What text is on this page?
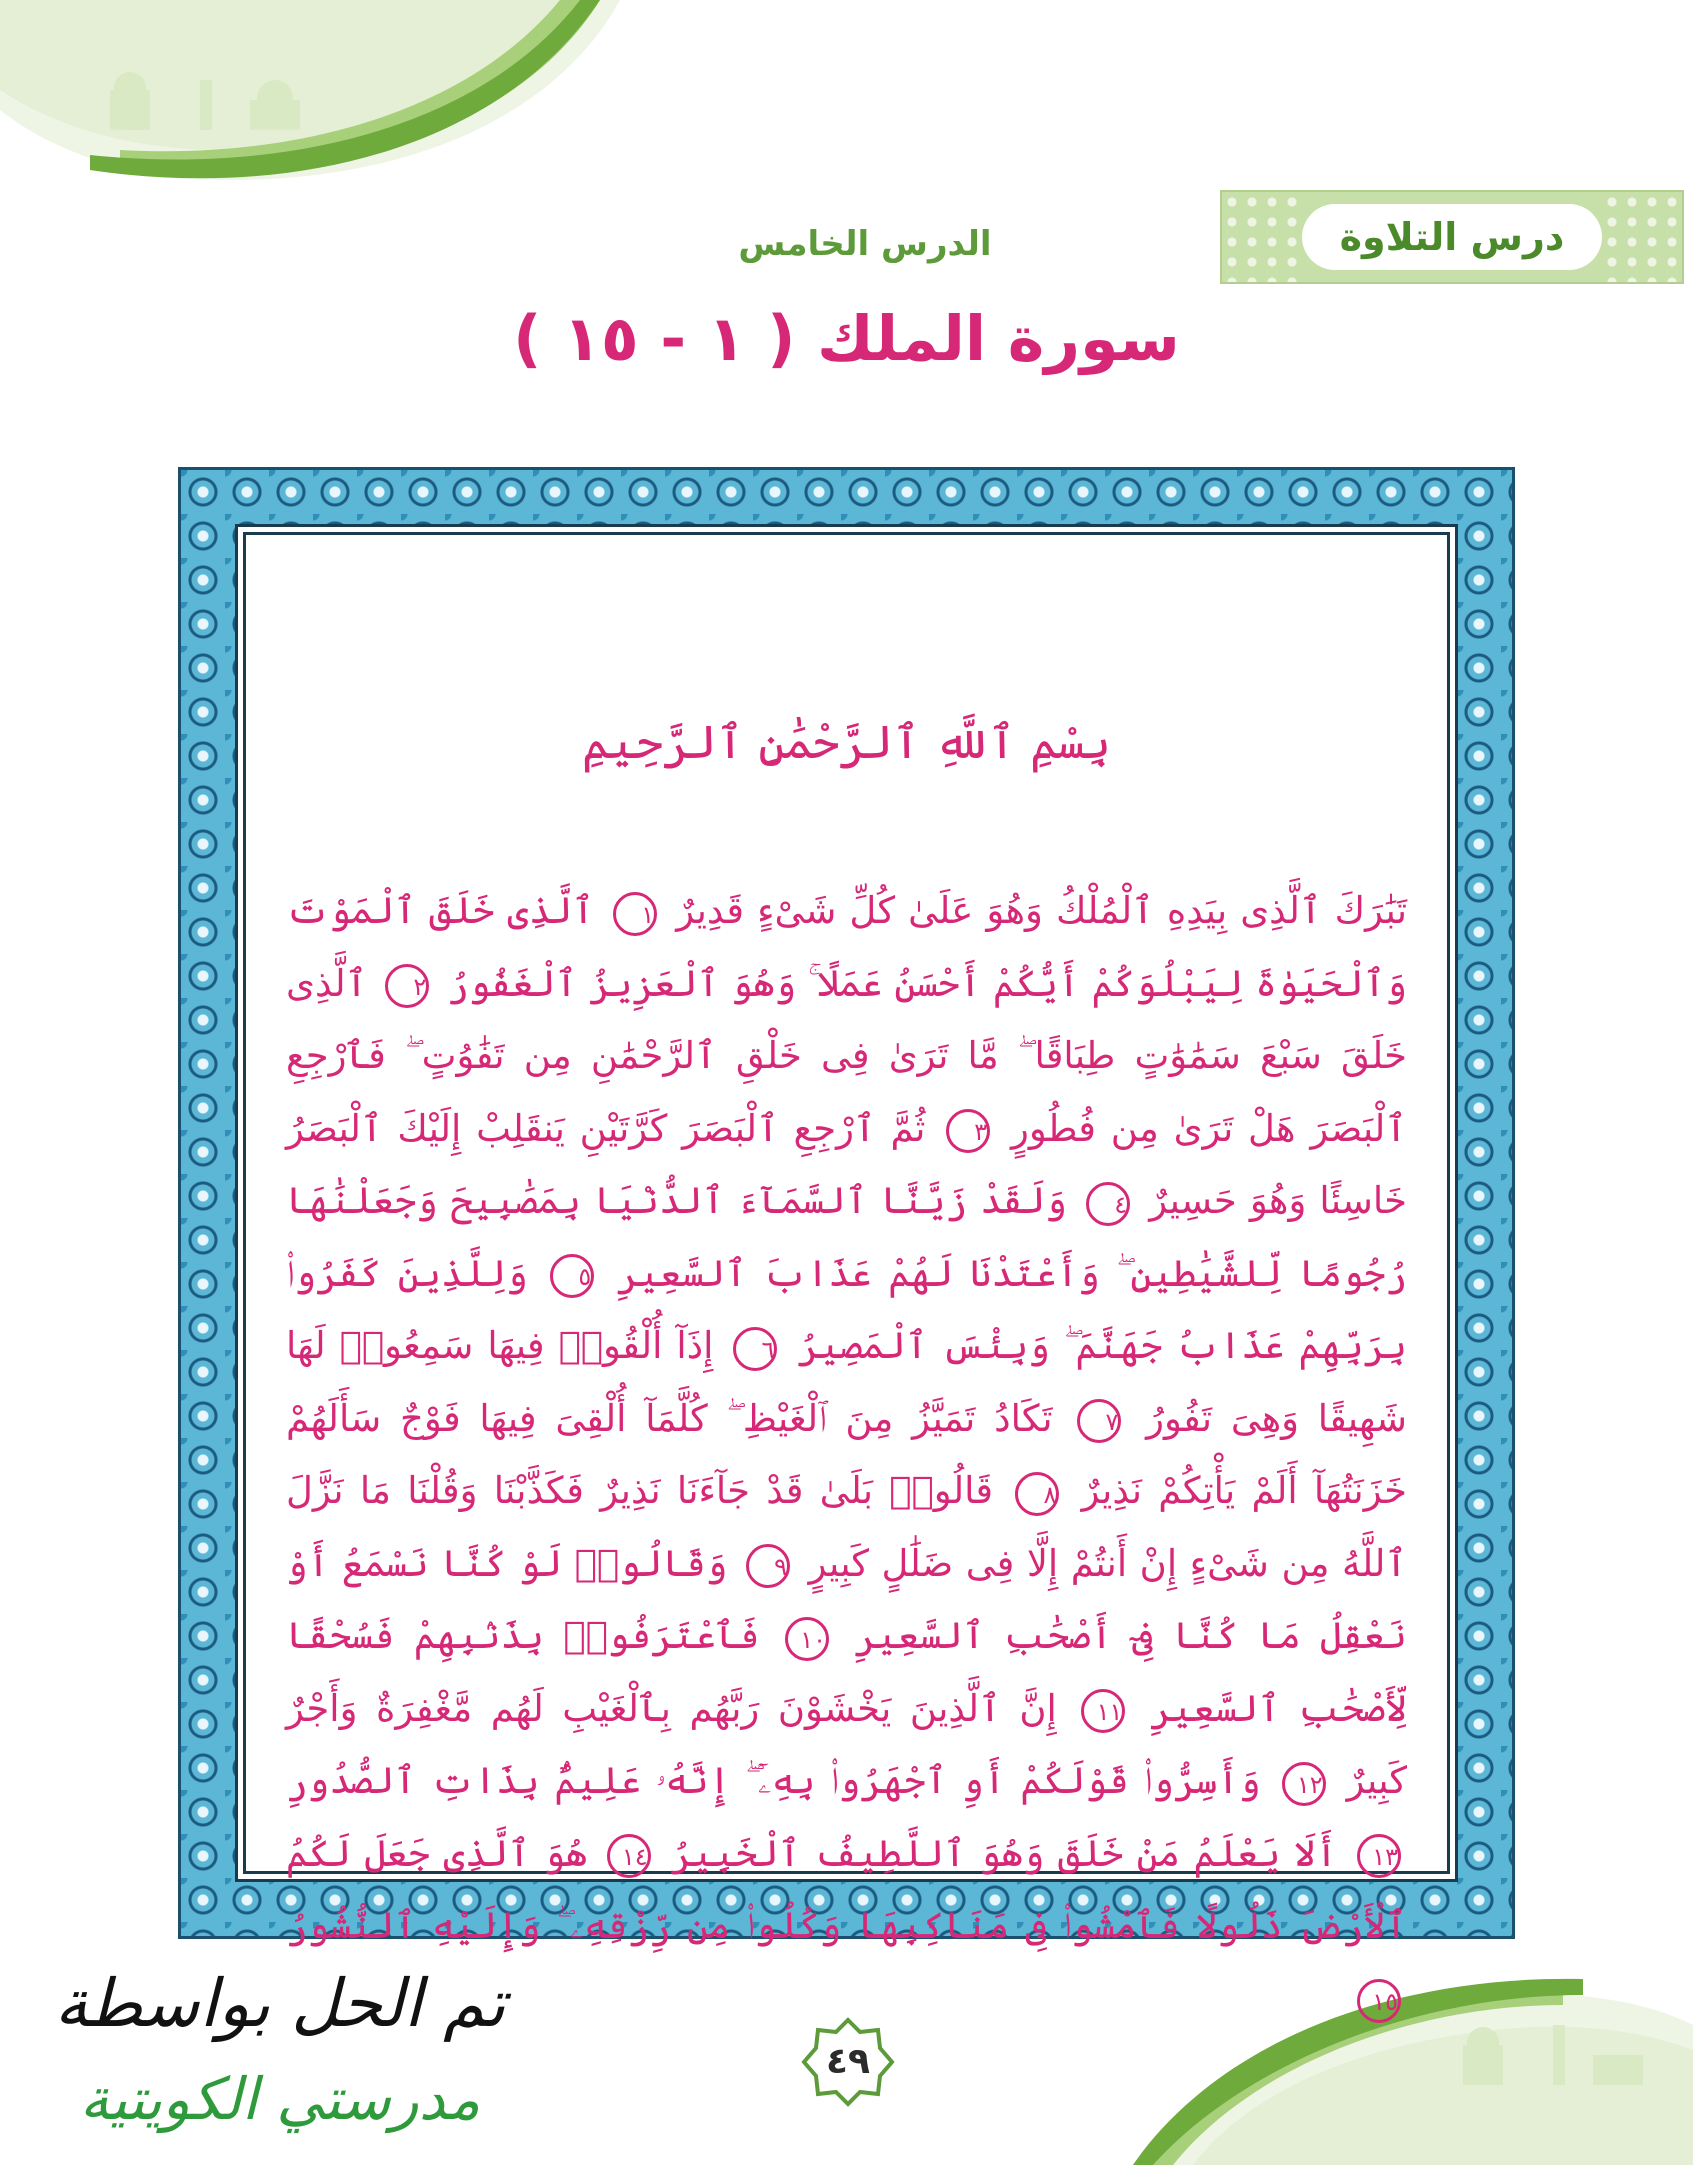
درس التلاوة
الدرس الخامس
سورة الملك ( ١ - ١٥ )
بِسْمِ ٱللَّهِ ٱلرَّحْمَٰنِ ٱلرَّحِيمِ
تَبَٰرَكَ ٱلَّذِى بِيَدِهِ ٱلْمُلْكُ وَهُوَ عَلَىٰ كُلِّ شَىْءٍ قَدِيرٌ ١ ٱلَّذِى خَلَقَ ٱلْمَوْتَ وَٱلْحَيَوٰةَ لِيَبْلُوَكُمْ أَيُّكُمْ أَحْسَنُ عَمَلًا ۚ وَهُوَ ٱلْعَزِيزُ ٱلْغَفُورُ ٢ ٱلَّذِى خَلَقَ سَبْعَ سَمَٰوَٰتٍ طِبَاقًا ۖ مَّا تَرَىٰ فِى خَلْقِ ٱلرَّحْمَٰنِ مِن تَفَٰوُتٍ ۖ فَٱرْجِعِ ٱلْبَصَرَ هَلْ تَرَىٰ مِن فُطُورٍ ٣ ثُمَّ ٱرْجِعِ ٱلْبَصَرَ كَرَّتَيْنِ يَنقَلِبْ إِلَيْكَ ٱلْبَصَرُ خَاسِئًا وَهُوَ حَسِيرٌ ٤ وَلَقَدْ زَيَّنَّا ٱلسَّمَآءَ ٱلدُّنْيَا بِمَصَٰبِيحَ وَجَعَلْنَٰهَا رُجُومًا لِّلشَّيَٰطِينِ ۖ وَأَعْتَدْنَا لَهُمْ عَذَابَ ٱلسَّعِيرِ ٥ وَلِلَّذِينَ كَفَرُوا۟ بِرَبِّهِمْ عَذَابُ جَهَنَّمَ ۖ وَبِئْسَ ٱلْمَصِيرُ ٦ إِذَآ أُلْقُوا۟ فِيهَا سَمِعُوا۟ لَهَا شَهِيقًا وَهِىَ تَفُورُ ٧ تَكَادُ تَمَيَّزُ مِنَ ٱلْغَيْظِ ۖ كُلَّمَآ أُلْقِىَ فِيهَا فَوْجٌ سَأَلَهُمْ خَزَنَتُهَآ أَلَمْ يَأْتِكُمْ نَذِيرٌ ٨ قَالُوا۟ بَلَىٰ قَدْ جَآءَنَا نَذِيرٌ فَكَذَّبْنَا وَقُلْنَا مَا نَزَّلَ ٱللَّهُ مِن شَىْءٍ إِنْ أَنتُمْ إِلَّا فِى ضَلَٰلٍ كَبِيرٍ ٩ وَقَالُوا۟ لَوْ كُنَّا نَسْمَعُ أَوْ نَعْقِلُ مَا كُنَّا فِىٓ أَصْحَٰبِ ٱلسَّعِيرِ ١٠ فَٱعْتَرَفُوا۟ بِذَنۢبِهِمْ فَسُحْقًا لِّأَصْحَٰبِ ٱلسَّعِيرِ ١١ إِنَّ ٱلَّذِينَ يَخْشَوْنَ رَبَّهُم بِٱلْغَيْبِ لَهُم مَّغْفِرَةٌ وَأَجْرٌ كَبِيرٌ ١٢ وَأَسِرُّوا۟ قَوْلَكُمْ أَوِ ٱجْهَرُوا۟ بِهِۦٓ ۖ إِنَّهُۥ عَلِيمٌۢ بِذَاتِ ٱلصُّدُورِ ١٣ أَلَا يَعْلَمُ مَنْ خَلَقَ وَهُوَ ٱللَّطِيفُ ٱلْخَبِيرُ ١٤ هُوَ ٱلَّذِى جَعَلَ لَكُمُ ٱلْأَرْضَ ذَلُولًا فَٱمْشُوا۟ فِى مَنَاكِبِهَا وَكُلُوا۟ مِن رِّزْقِهِۦ ۖ وَإِلَيْهِ ٱلنُّشُورُ ١٥
٤٩
تم الحل بواسطة
مدرستي الكويتية
